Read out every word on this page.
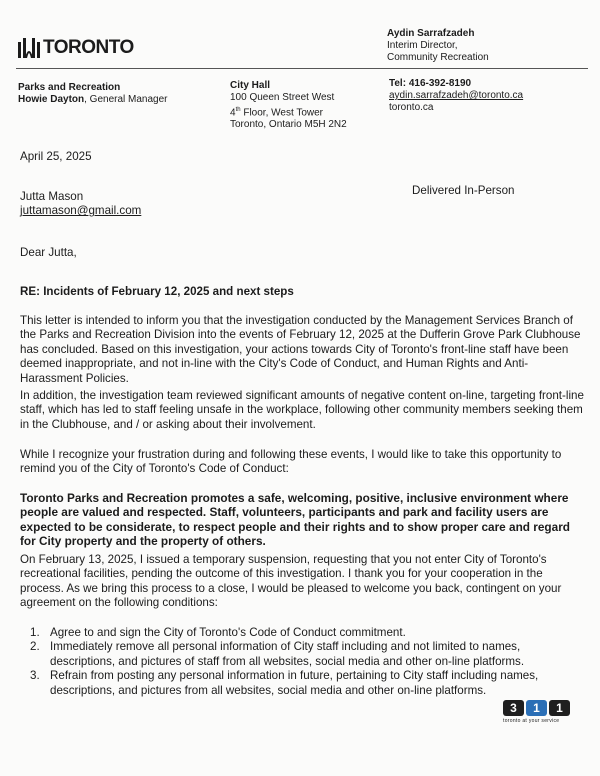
TORONTO
Aydin Sarrafzadeh
Interim Director,
Community Recreation
Parks and Recreation
Howie Dayton, General Manager
City Hall
100 Queen Street West
4th Floor, West Tower
Toronto, Ontario M5H 2N2
Tel: 416-392-8190
aydin.sarrafzadeh@toronto.ca
toronto.ca
April 25, 2025
Jutta Mason
juttamason@gmail.com
Delivered In-Person
Dear Jutta,
RE: Incidents of February 12, 2025 and next steps

This letter is intended to inform you that the investigation conducted by the Management Services Branch of the Parks and Recreation Division into the events of February 12, 2025 at the Dufferin Grove Park Clubhouse has concluded. Based on this investigation, your actions towards City of Toronto's front-line staff have been deemed inappropriate, and not in-line with the City's Code of Conduct, and Human Rights and Anti-Harassment Policies.

In addition, the investigation team reviewed significant amounts of negative content on-line, targeting front-line staff, which has led to staff feeling unsafe in the workplace, following other community members seeking them in the Clubhouse, and / or asking about their involvement.

While I recognize your frustration during and following these events, I would like to take this opportunity to remind you of the City of Toronto's Code of Conduct:

Toronto Parks and Recreation promotes a safe, welcoming, positive, inclusive environment where people are valued and respected. Staff, volunteers, participants and park and facility users are expected to be considerate, to respect people and their rights and to show proper care and regard for City property and the property of others.

On February 13, 2025, I issued a temporary suspension, requesting that you not enter City of Toronto's recreational facilities, pending the outcome of this investigation. I thank you for your cooperation in the process. As we bring this process to a close, I would be pleased to welcome you back, contingent on your agreement on the following conditions:

1. Agree to and sign the City of Toronto's Code of Conduct commitment.
2. Immediately remove all personal information of City staff including and not limited to names, descriptions, and pictures of staff from all websites, social media and other on-line platforms.
3. Refrain from posting any personal information in future, pertaining to City staff including names, descriptions, and pictures from all websites, social media and other on-line platforms.
3	1	1
toronto at your service
